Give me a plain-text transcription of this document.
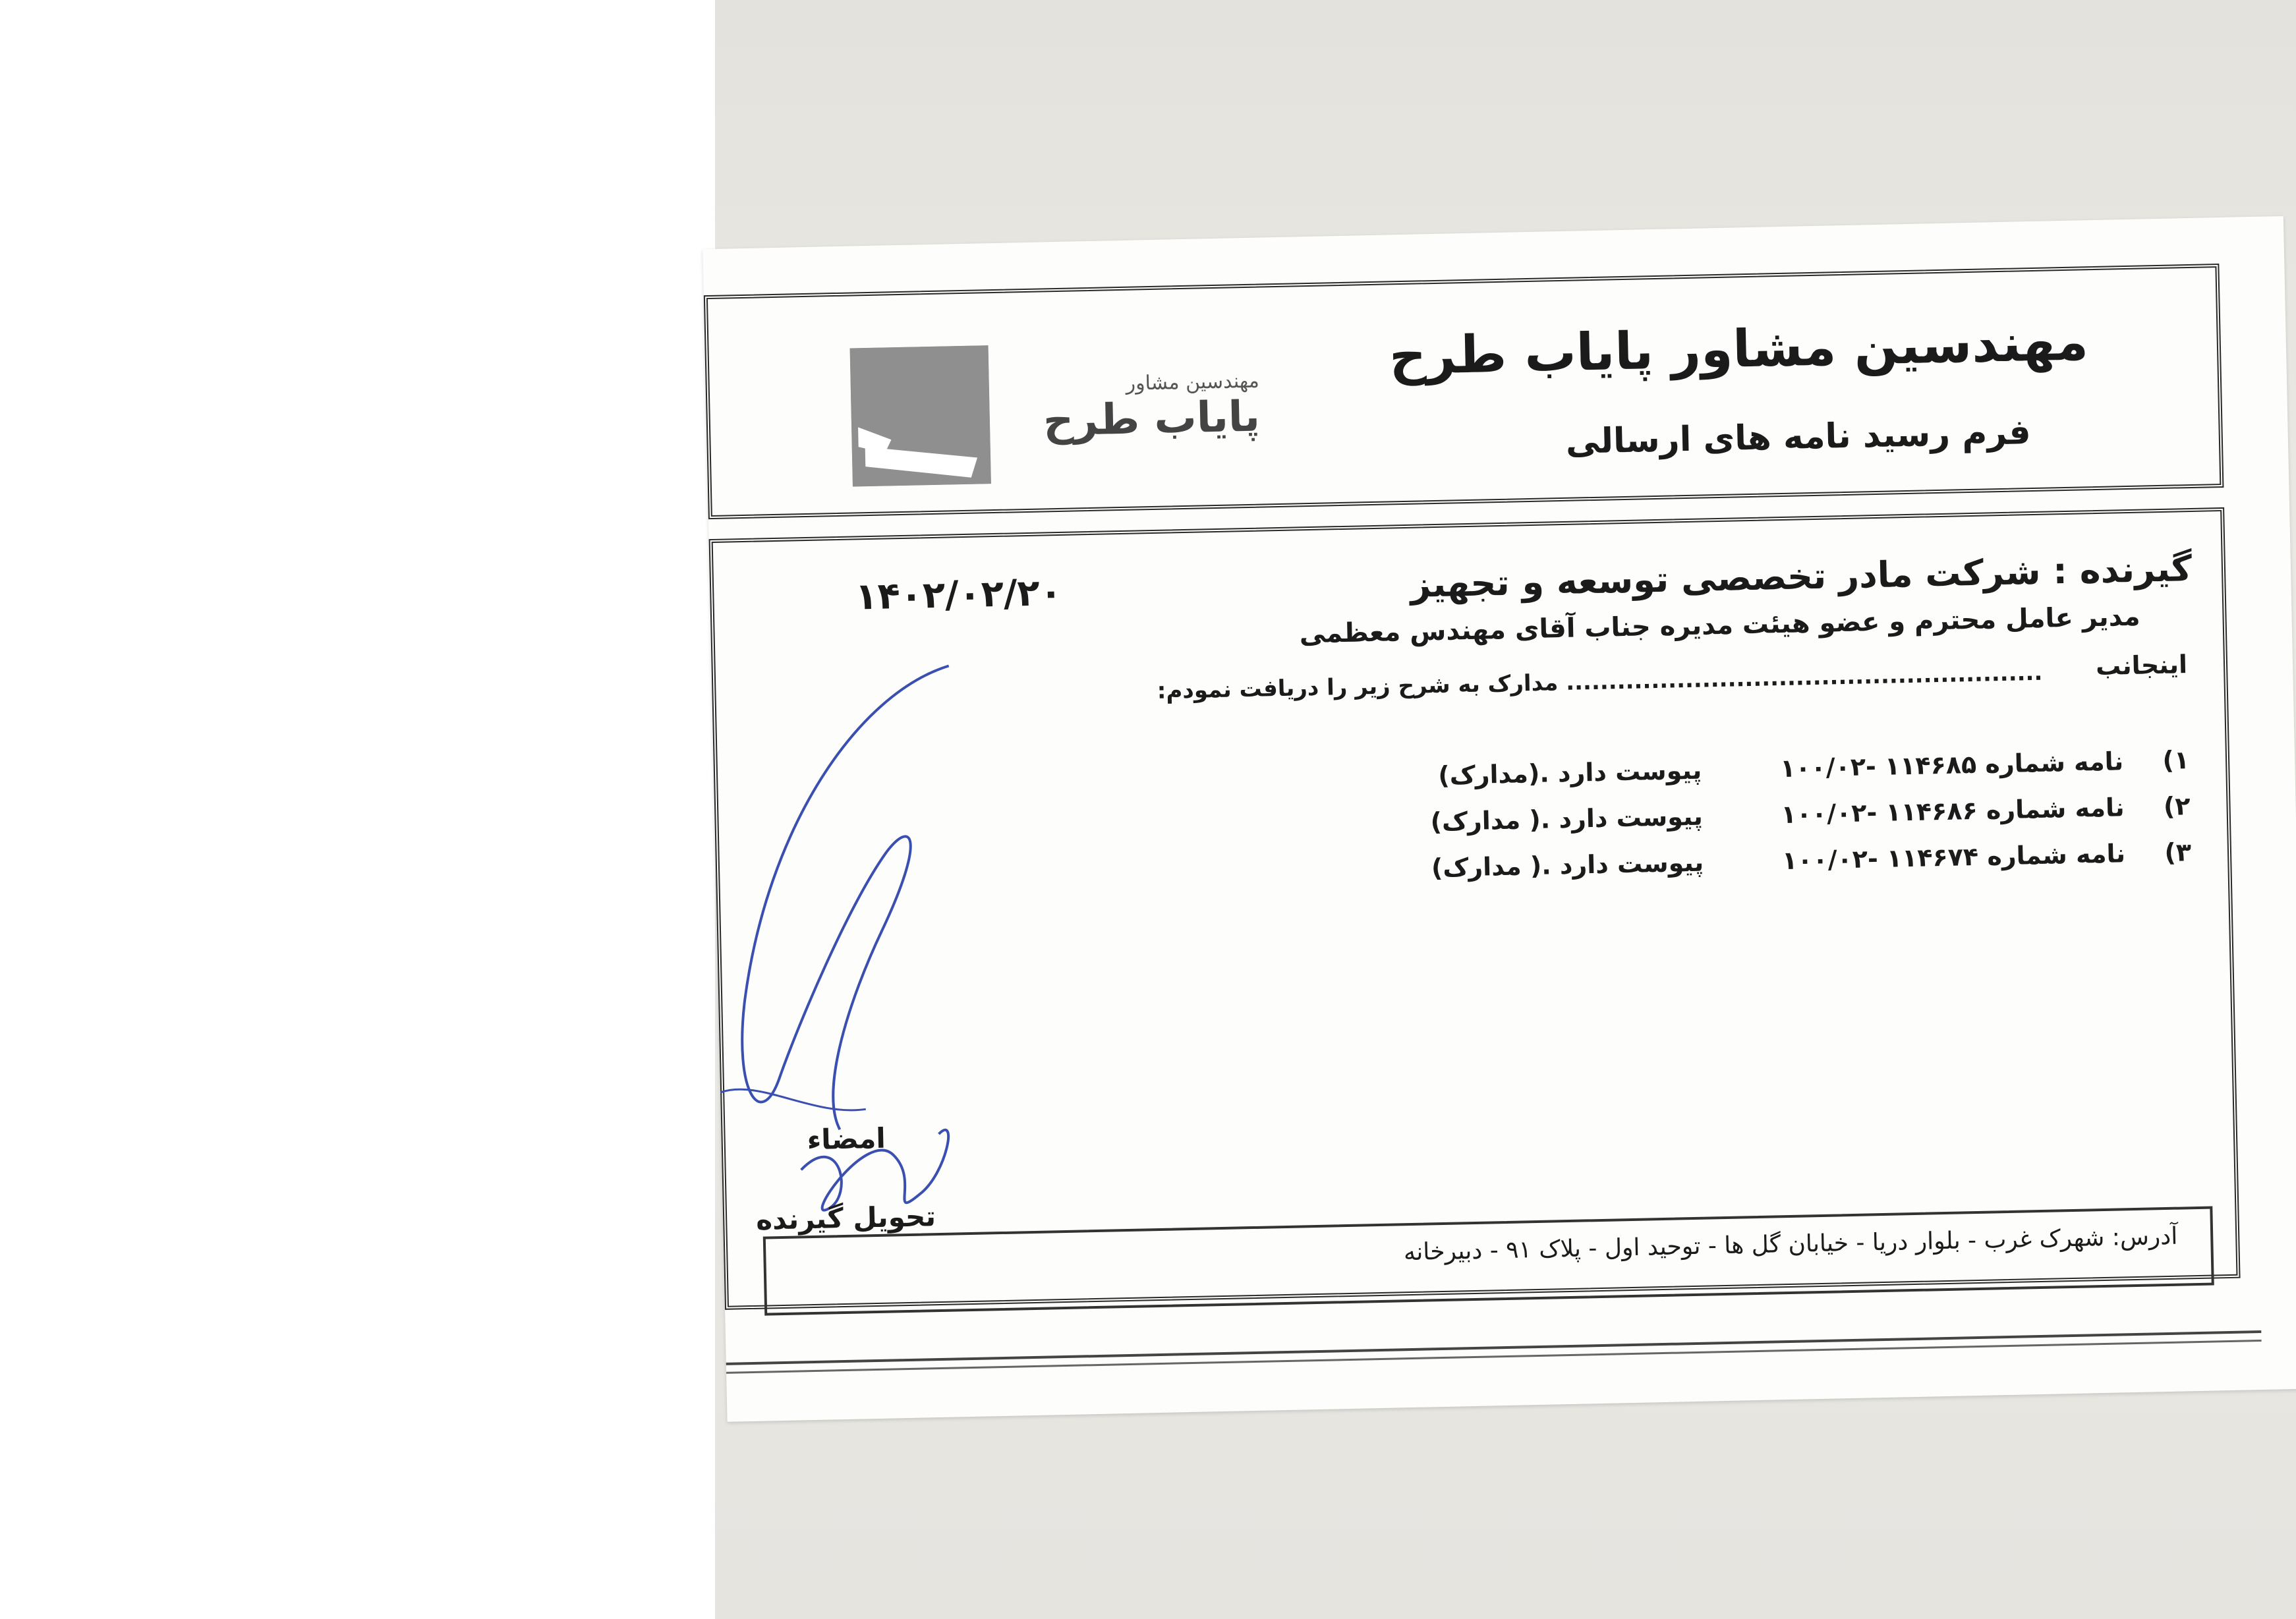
مهندسین مشاور پایاب طرح
فرم رسید نامه های ارسالی
مهندسین مشاور
پایاب طرح
گیرنده : شرکت مادر تخصصی توسعه و تجهیز
۱۴۰۲/۰۲/۲۰
مدیر عامل محترم و عضو هیئت مدیره جناب آقای مهندس معظمی
اینجانب
........................................................ مدارک به شرح زیر را دریافت نمودم:
۱)
نامه شماره ۱۱۴۶۸۵ -۱۰۰/۰۲
پیوست دارد .(مدارک)
۲)
نامه شماره ۱۱۴۶۸۶ -۱۰۰/۰۲
پیوست دارد .( مدارک)
۳)
نامه شماره ۱۱۴۶۷۴ -۱۰۰/۰۲
پیوست دارد .( مدارک)
امضاء
تحویل گیرنده
آدرس: شهرک غرب - بلوار دریا - خیابان گل ها - توحید اول - پلاک ۹۱ - دبیرخانه
